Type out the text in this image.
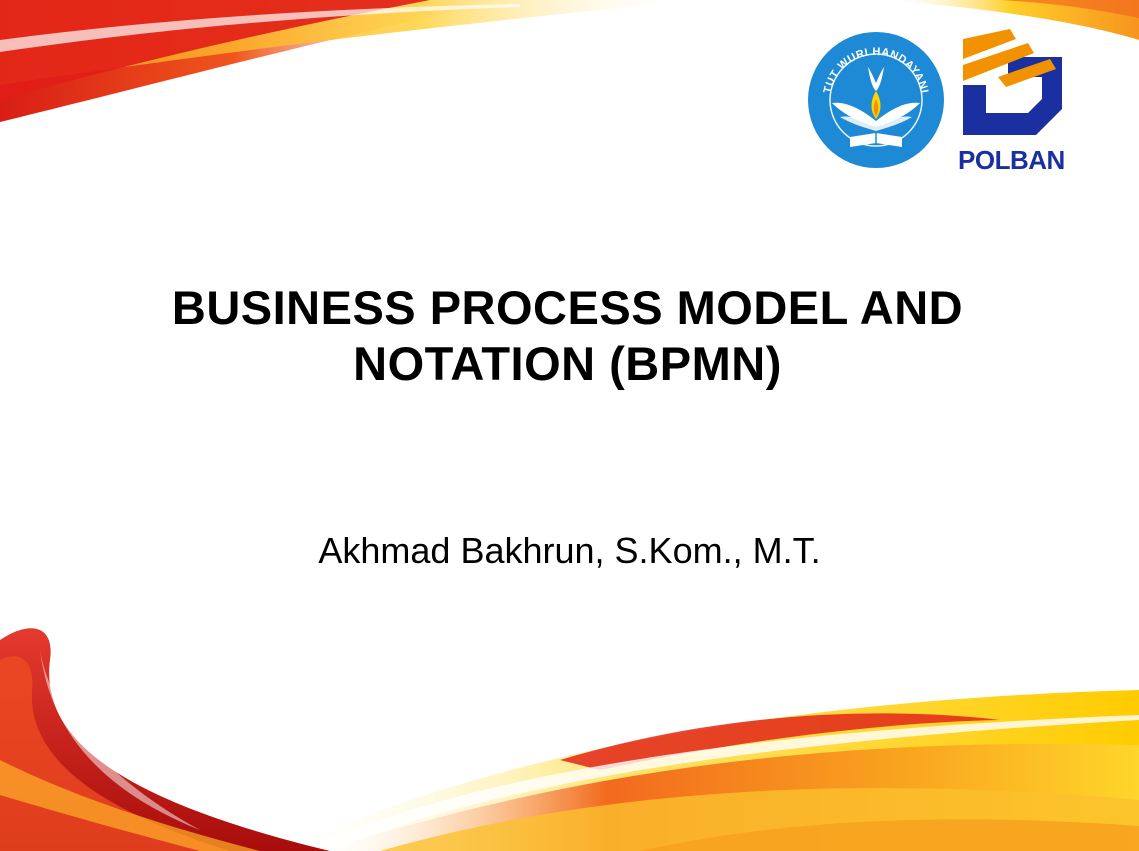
TUT WURI HANDAYANI
POLBAN
BUSINESS PROCESS MODEL AND
NOTATION (BPMN)
Akhmad Bakhrun, S.Kom., M.T.
